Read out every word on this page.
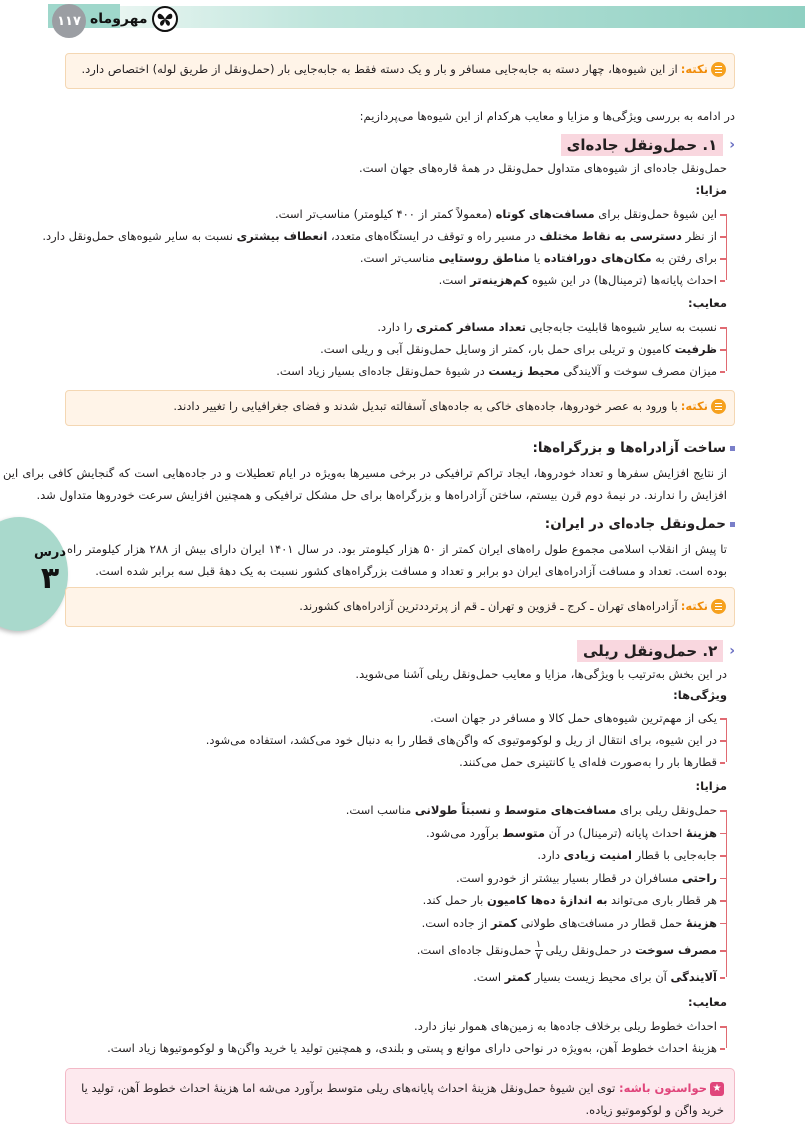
۱۱۷ مهروماه
درس
۳
نکته:
از این شیوه‌ها، چهار دسته به جابه‌جایی مسافر و بار و یک دسته فقط به جابه‌جایی بار (حمل‌ونقل از طریق لوله) اختصاص دارد.
در ادامه به بررسی ویژگی‌ها و مزایا و معایب هرکدام از این شیوه‌ها می‌پردازیم:
‹
۱. حمل‌ونقل جاده‌ای
حمل‌ونقل جاده‌ای از شیوه‌های متداول حمل‌ونقل در همهٔ قاره‌های جهان است.
مزایا:
این شیوهٔ حمل‌ونقل برای مسافت‌های کوتاه (معمولاً کمتر از ۴۰۰ کیلومتر) مناسب‌تر است.
از نظر دسترسی به نقاط مختلف در مسیر راه و توقف در ایستگاه‌های متعدد، انعطاف بیشتری نسبت به سایر شیوه‌های حمل‌ونقل دارد.
برای رفتن به مکان‌های دورافتاده یا مناطق روستایی مناسب‌تر است.
احداث پایانه‌ها (ترمینال‌ها) در این شیوه کم‌هزینه‌تر است.
معایب:
نسبت به سایر شیوه‌ها قابلیت جابه‌جایی تعداد مسافر کمتری را دارد.
ظرفیت کامیون و تریلی برای حمل بار، کمتر از وسایل حمل‌ونقل آبی و ریلی است.
میزان مصرف سوخت و آلایندگی محیط زیست در شیوهٔ حمل‌ونقل جاده‌ای بسیار زیاد است.
نکته:
با ورود به عصر خودروها، جاده‌های خاکی به جاده‌های آسفالته تبدیل شدند و فضای جغرافیایی را تغییر دادند.
ساخت آزادراه‌ها و بزرگراه‌ها:
از نتایج افزایش سفرها و تعداد خودروها، ایجاد تراکم ترافیکی در برخی مسیرها به‌ویژه در ایام تعطیلات و در جاده‌هایی است که گنجایش کافی برای این افزایش را ندارند. در نیمهٔ دوم قرن بیستم، ساختن آزادراه‌ها و بزرگراه‌ها برای حل مشکل ترافیکی و همچنین افزایش سرعت خودروها متداول شد.
حمل‌ونقل جاده‌ای در ایران:
تا پیش از انقلاب اسلامی مجموع طول راه‌های ایران کمتر از ۵۰ هزار کیلومتر بود. در سال ۱۴۰۱ ایران دارای بیش از ۲۸۸ هزار کیلومتر راه بوده است. تعداد و مسافت آزادراه‌های ایران دو برابر و تعداد و مسافت بزرگراه‌های کشور نسبت به یک دههٔ قبل سه برابر شده است.
نکته:
آزادراه‌های تهران ـ کرج ـ قزوین و تهران ـ قم از پرترددترین آزادراه‌های کشورند.
‹
۲. حمل‌ونقل ریلی
در این بخش به‌ترتیب با ویژگی‌ها، مزایا و معایب حمل‌ونقل ریلی آشنا می‌شوید.
ویژگی‌ها:
یکی از مهم‌ترین شیوه‌های حمل کالا و مسافر در جهان است.
در این شیوه، برای انتقال از ریل و لوکوموتیوی که واگن‌های قطار را به دنبال خود می‌کشد، استفاده می‌شود.
قطارها بار را به‌صورت فله‌ای یا کانتینری حمل می‌کنند.
مزایا:
حمل‌ونقل ریلی برای مسافت‌های متوسط و نسبتاً طولانی مناسب است.
هزینهٔ احداث پایانه (ترمینال) در آن متوسط برآورد می‌شود.
جابه‌جایی با قطار امنیت زیادی دارد.
راحتی مسافران در قطار بسیار بیشتر از خودرو است.
هر قطار باری می‌تواند به اندازهٔ ده‌ها کامیون بار حمل کند.
هزینهٔ حمل قطار در مسافت‌های طولانی کمتر از جاده است.
مصرف سوخت در حمل‌ونقل ریلی
$\frac{۱}{۷}$
حمل‌ونقل جاده‌ای است.
آلایندگی آن برای محیط زیست بسیار کمتر است.
معایب:
احداث خطوط ریلی برخلاف جاده‌ها به زمین‌های هموار نیاز دارد.
هزینهٔ احداث خطوط آهن، به‌ویژه در نواحی دارای موانع و پستی و بلندی، و همچنین تولید یا خرید واگن‌ها و لوکوموتیوها زیاد است.
★حواستون باشه: توی این شیوهٔ حمل‌ونقل هزینهٔ احداث پایانه‌های ریلی متوسط برآورد می‌شه اما هزینهٔ احداث خطوط آهن، تولید یا خرید واگن و لوکوموتیو زیاده.
